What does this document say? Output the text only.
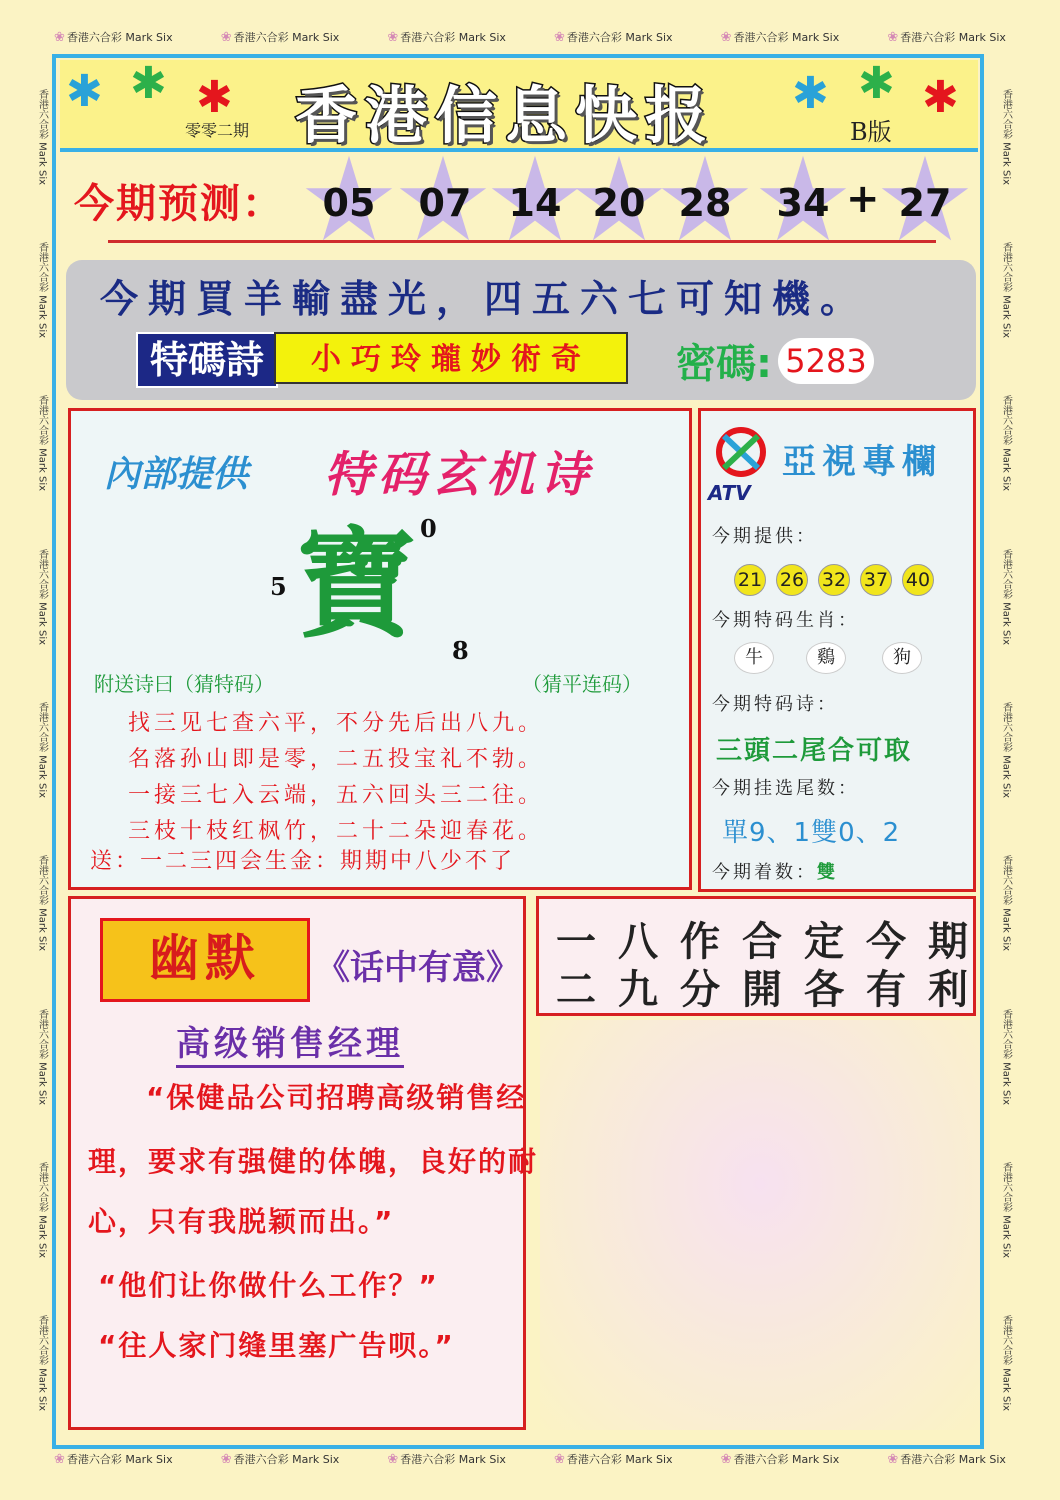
❀ 香港六合彩 Mark Six	❀ 香港六合彩 Mark Six	❀ 香港六合彩 Mark Six	❀ 香港六合彩 Mark Six	❀ 香港六合彩 Mark Six	❀ 香港六合彩 Mark Six
❀ 香港六合彩 Mark Six	❀ 香港六合彩 Mark Six	❀ 香港六合彩 Mark Six	❀ 香港六合彩 Mark Six	❀ 香港六合彩 Mark Six	❀ 香港六合彩 Mark Six
香港六合彩 Mark Six
香港六合彩 Mark Six
香港六合彩 Mark Six
香港六合彩 Mark Six
香港六合彩 Mark Six
香港六合彩 Mark Six
香港六合彩 Mark Six
香港六合彩 Mark Six
香港六合彩 Mark Six
香港六合彩 Mark Six
香港六合彩 Mark Six
香港六合彩 Mark Six
香港六合彩 Mark Six
香港六合彩 Mark Six
香港六合彩 Mark Six
香港六合彩 Mark Six
香港六合彩 Mark Six
香港六合彩 Mark Six
✱ ✱ ✱	✱ ✱ ✱
香港信息快报
零零二期	B版
今期预测： 05 07 14 20 28 34 + 27
今期買羊輸盡光，四五六七可知機。
特碼詩	小巧玲瓏妙術奇	密碼: 5283
內部提供 特码玄机诗
0
5 寶 8
附送诗曰（猜特码）	（猜平连码）
找三见七查六平，不分先后出八九。
名落孙山即是零，二五投宝礼不勃。
一接三七入云端，五六回头三二往。
三枝十枝红枫竹，二十二朵迎春花。
送：一二三四会生金：期期中八少不了
ATV
亞視專欄
今期提供：
21 26 32 37 40
今期特码生肖：
牛	鷄	狗
今期特码诗：
三頭二尾合可取
今期挂选尾数：
單9、1雙0、2
今期着数：雙
幽默	《话中有意》
高级销售经理
“保健品公司招聘高级销售经
理，要求有强健的体魄，良好的耐
心，只有我脱颖而出。”
“他们让你做什么工作？”
“往人家门缝里塞广告呗。”
一八作合定今期
二九分開各有利
